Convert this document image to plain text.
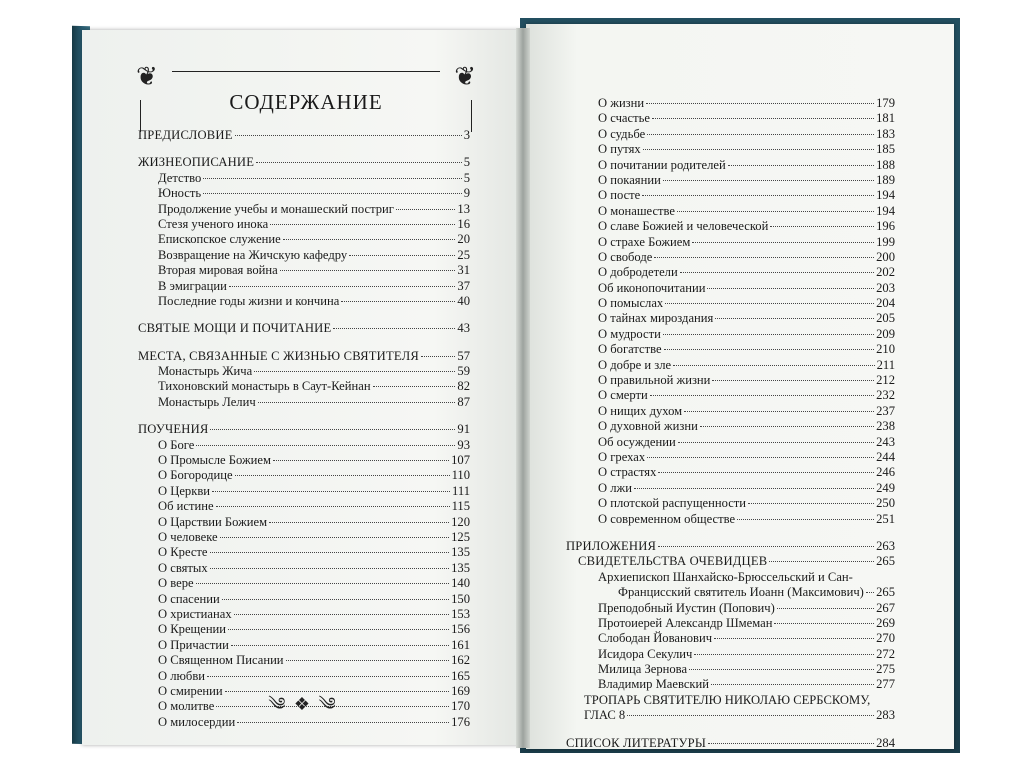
❦	❦
СОДЕРЖАНИЕ
ПРЕДИСЛОВИЕ	3
ЖИЗНЕОПИСАНИЕ	5
Детство	5
Юность	9
Продолжение учебы и монашеский постриг	13
Стезя ученого инока	16
Епископское служение	20
Возвращение на Жичскую кафедру	25
Вторая мировая война	31
В эмиграции	37
Последние годы жизни и кончина	40
СВЯТЫЕ МОЩИ И ПОЧИТАНИЕ	43
МЕСТА, СВЯЗАННЫЕ С ЖИЗНЬЮ СВЯТИТЕЛЯ	57
Монастырь Жича	59
Тихоновский монастырь в Саут-Кейнан	82
Монастырь Лелич	87
ПОУЧЕНИЯ	91
О Боге	93
О Промысле Божием	107
О Богородице	110
О Церкви	111
Об истине	115
О Царствии Божием	120
О человеке	125
О Кресте	135
О святых	135
О вере	140
О спасении	150
О христианах	153
О Крещении	156
О Причастии	161
О Священном Писании	162
О любви	165
О смирении	169
О молитве	170
О милосердии	176
༄ ❖ ༄
О жизни	179
О счастье	181
О судьбе	183
О путях	185
О почитании родителей	188
О покаянии	189
О посте	194
О монашестве	194
О славе Божией и человеческой	196
О страхе Божием	199
О свободе	200
О добродетели	202
Об иконопочитании	203
О помыслах	204
О тайнах мироздания	205
О мудрости	209
О богатстве	210
О добре и зле	211
О правильной жизни	212
О смерти	232
О нищих духом	237
О духовной жизни	238
Об осуждении	243
О грехах	244
О страстях	246
О лжи	249
О плотской распущенности	250
О современном обществе	251
ПРИЛОЖЕНИЯ	263
СВИДЕТЕЛЬСТВА ОЧЕВИДЦЕВ	265
Архиепископ Шанхайско-Брюссельский и Сан-
Францисский святитель Иоанн (Максимович) 265
Преподобный Иустин (Попович)	267
Протоиерей Александр Шмеман	269
Слободан Йованович	270
Исидора Секулич	272
Милица Зернова	275
Владимир Маевский	277
ТРОПАРЬ СВЯТИТЕЛЮ НИКОЛАЮ СЕРБСКОМУ,
ГЛАС 8	283
СПИСОК ЛИТЕРАТУРЫ	284
